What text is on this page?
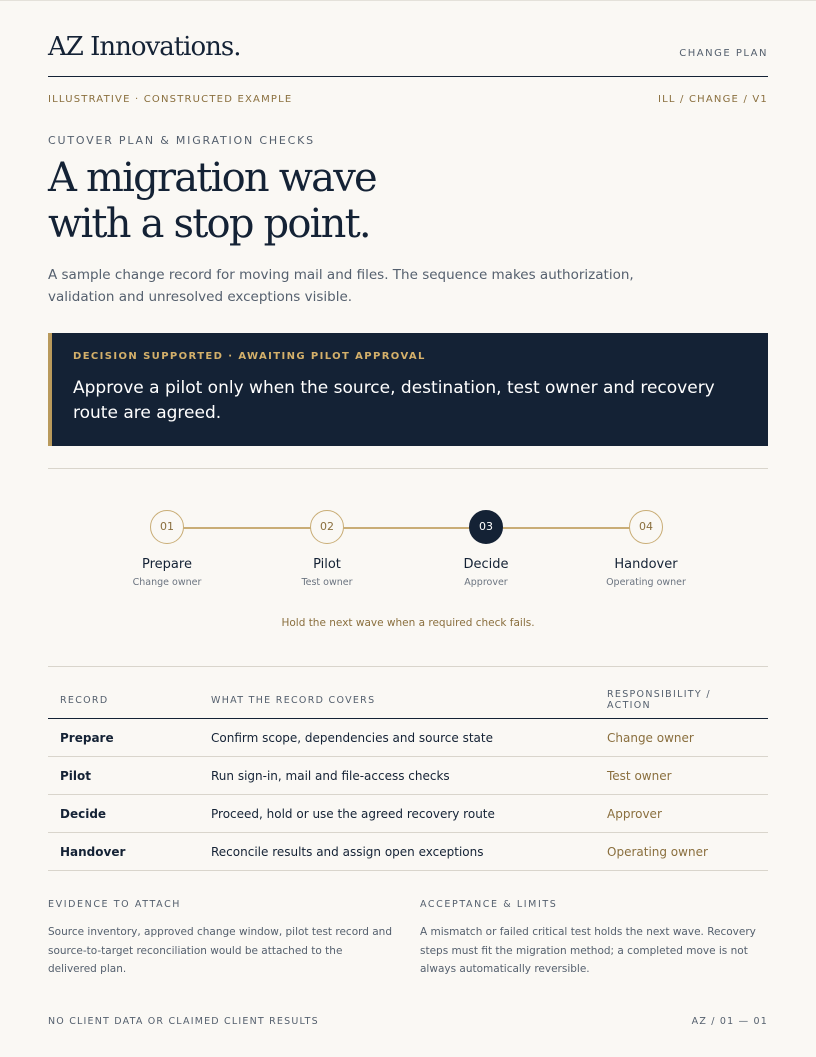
AZ Innovations.	CHANGE PLAN
ILLUSTRATIVE · CONSTRUCTED EXAMPLE	ILL / CHANGE / V1
CUTOVER PLAN & MIGRATION CHECKS
A migration wave
with a stop point.

A sample change record for moving mail and files. The sequence makes authorization, validation and unresolved exceptions visible.

DECISION SUPPORTED · AWAITING PILOT APPROVAL
Approve a pilot only when the source, destination, test owner and recovery route are agreed.
01
Prepare
Change owner
02
Pilot
Test owner
03
Decide
Approver
04
Handover
Operating owner
Hold the next wave when a required check fails.
RECORD	WHAT THE RECORD COVERS	RESPONSIBILITY / ACTION
Prepare	Confirm scope, dependencies and source state	Change owner
Pilot	Run sign-in, mail and file-access checks	Test owner
Decide	Proceed, hold or use the agreed recovery route	Approver
Handover	Reconcile results and assign open exceptions	Operating owner
EVIDENCE TO ATTACH
Source inventory, approved change window, pilot test record and source-to-target reconciliation would be attached to the delivered plan.
ACCEPTANCE & LIMITS
A mismatch or failed critical test holds the next wave. Recovery steps must fit the migration method; a completed move is not always automatically reversible.
NO CLIENT DATA OR CLAIMED CLIENT RESULTS	AZ / 01 — 01
